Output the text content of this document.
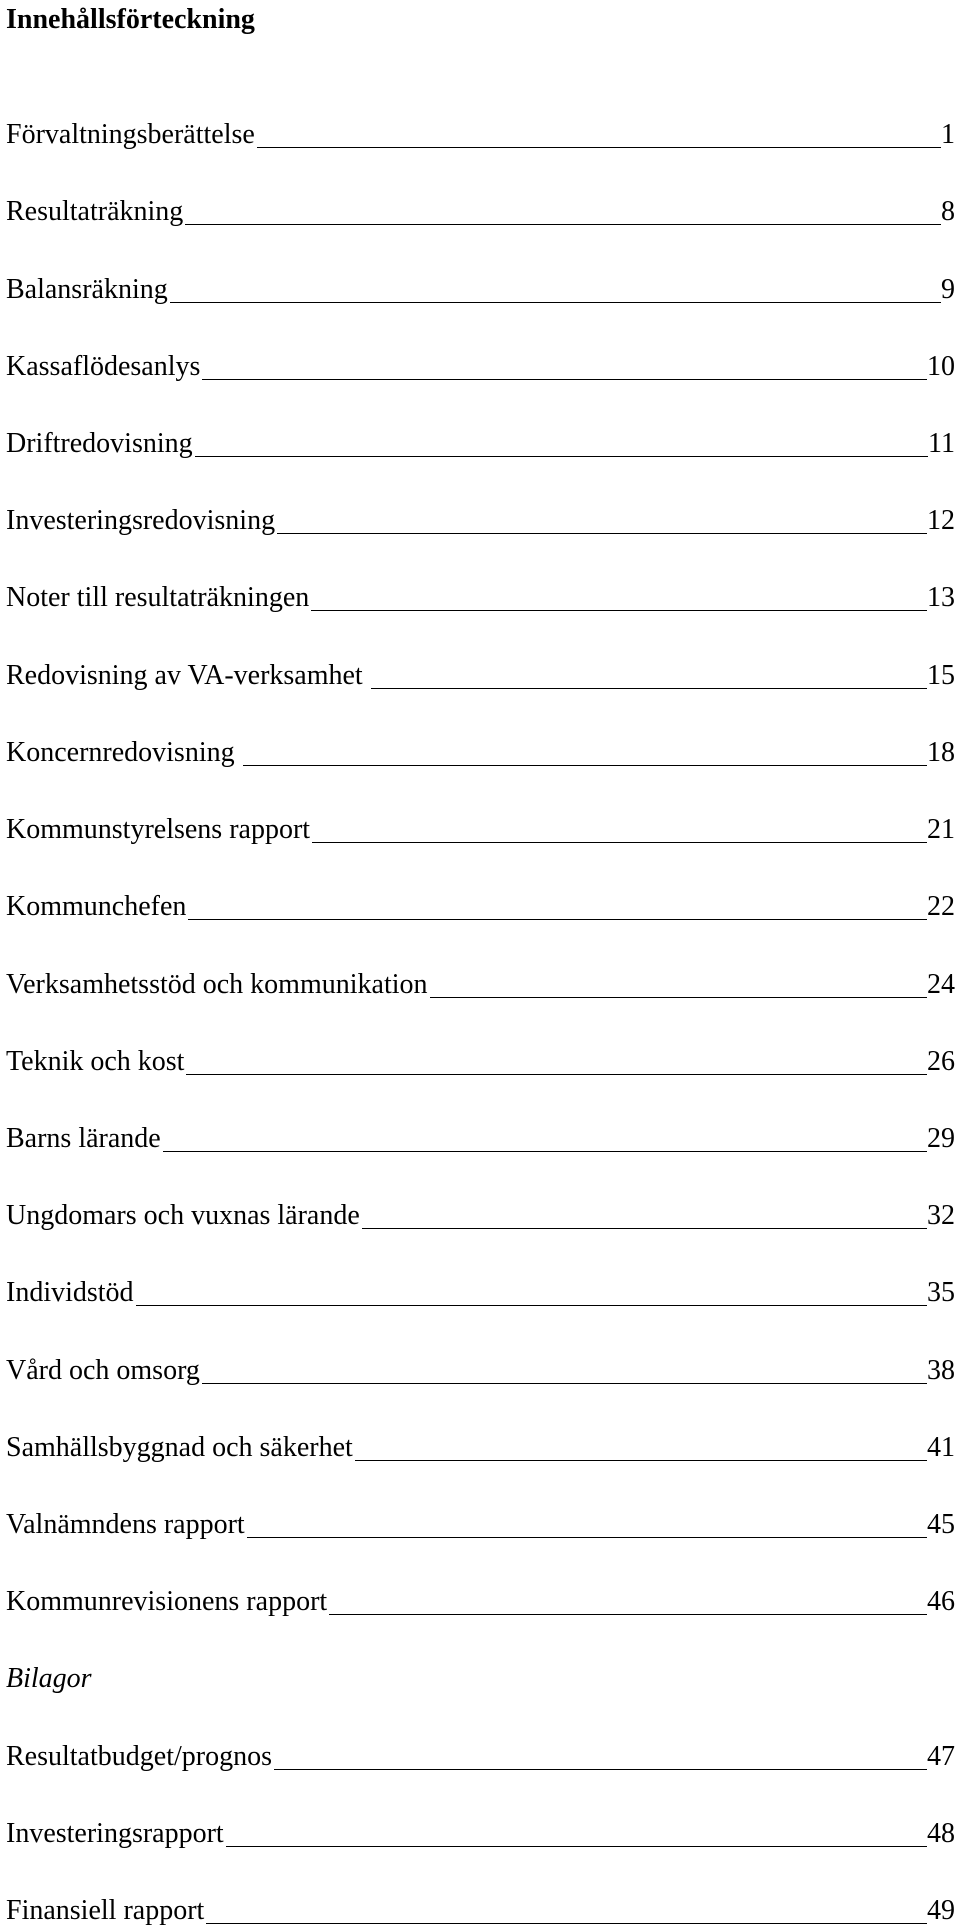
Innehållsförteckning
Förvaltningsberättelse	1
Resultaträkning	8
Balansräkning	9
Kassaflödesanlys	10
Driftredovisning	11
Investeringsredovisning	12
Noter till resultaträkningen	13
Redovisning av VA-verksamhet	15
Koncernredovisning	18
Kommunstyrelsens rapport	21
Kommunchefen	22
Verksamhetsstöd och kommunikation	24
Teknik och kost	26
Barns lärande	29
Ungdomars och vuxnas lärande	32
Individstöd	35
Vård och omsorg	38
Samhällsbyggnad och säkerhet	41
Valnämndens rapport	45
Kommunrevisionens rapport	46
Bilagor
Resultatbudget/prognos	47
Investeringsrapport	48
Finansiell rapport	49
